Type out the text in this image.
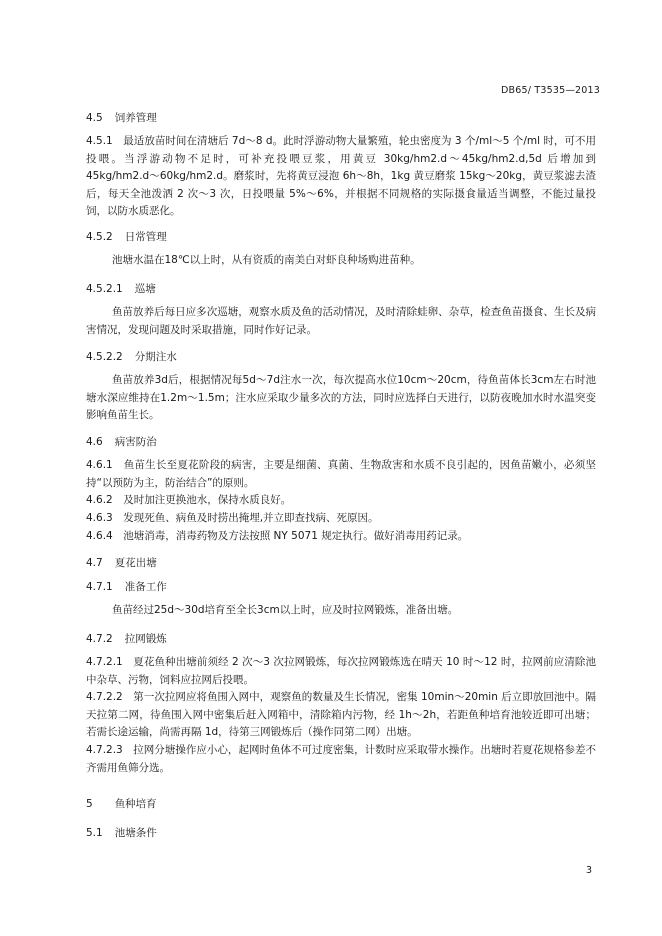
DB65/ T3535—2013
4.5 饲养管理
4.5.1　最适放苗时间在清塘后 7d～8 d。此时浮游动物大量繁殖，轮虫密度为 3 个/ml～5 个/ml 时，可不用投喂。当浮游动物不足时，可补充投喂豆浆，用黄豆 30kg/hm2.d～45kg/hm2.d,5d 后增加到 45kg/hm2.d～60kg/hm2.d。磨浆时，先将黄豆浸泡 6h～8h，1kg 黄豆磨浆 15kg～20kg，黄豆浆滤去渣后，每天全池泼洒 2 次～3 次，日投喂量 5%～6%，并根据不同规格的实际摄食量适当调整，不能过量投饲，以防水质恶化。
4.5.2 日常管理
池塘水温在18℃以上时，从有资质的南美白对虾良种场购进苗种。
4.5.2.1 巡塘
鱼苗放养后每日应多次巡塘，观察水质及鱼的活动情况，及时清除蛙卵、杂草，检查鱼苗摄食、生长及病害情况，发现问题及时采取措施，同时作好记录。
4.5.2.2 分期注水
鱼苗放养3d后，根据情况每5d～7d注水一次，每次提高水位10cm～20cm，待鱼苗体长3cm左右时池塘水深应维持在1.2m～1.5m；注水应采取少量多次的方法，同时应选择白天进行，以防夜晚加水时水温突变影响鱼苗生长。
4.6 病害防治
4.6.1　鱼苗生长至夏花阶段的病害，主要是细菌、真菌、生物敌害和水质不良引起的，因鱼苗嫩小，必须坚持“以预防为主，防治结合”的原则。
4.6.2　及时加注更换池水，保持水质良好。
4.6.3　发现死鱼、病鱼及时捞出掩埋,并立即查找病、死原因。
4.6.4　池塘消毒，消毒药物及方法按照 NY 5071 规定执行。做好消毒用药记录。
4.7 夏花出塘
4.7.1 准备工作
鱼苗经过25d～30d培育至全长3cm以上时，应及时拉网锻炼，准备出塘。
4.7.2 拉网锻炼
4.7.2.1　夏花鱼种出塘前须经 2 次～3 次拉网锻炼，每次拉网锻炼选在晴天 10 时～12 时，拉网前应清除池中杂草、污物，饲料应拉网后投喂。
4.7.2.2　第一次拉网应将鱼围入网中，观察鱼的数量及生长情况，密集 10min～20min 后立即放回池中。隔天拉第二网，待鱼围入网中密集后赶入网箱中，清除箱内污物，经 1h～2h，若距鱼种培育池较近即可出塘；若需长途运输，尚需再隔 1d，待第三网锻炼后（操作同第二网）出塘。
4.7.2.3　拉网分塘操作应小心，起网时鱼体不可过度密集，计数时应采取带水操作。出塘时若夏花规格参差不齐需用鱼筛分选。
5 鱼种培育
5.1 池塘条件
3
